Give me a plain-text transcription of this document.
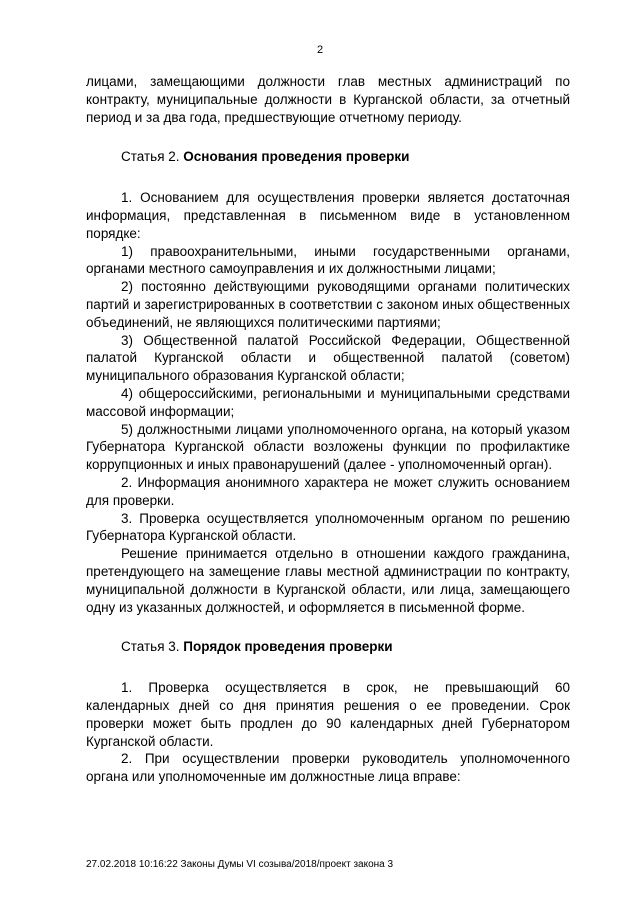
2

лицами, замещающими должности глав местных администраций по контракту, муниципальные должности в Курганской области, за отчетный период и за два года, предшествующие отчетному периоду.

Статья 2. Основания проведения проверки

1. Основанием для осуществления проверки является достаточная информация, представленная в письменном виде в установленном порядке:

1) правоохранительными, иными государственными органами, органами местного самоуправления и их должностными лицами;

2) постоянно действующими руководящими органами политических партий и зарегистрированных в соответствии с законом иных общественных объединений, не являющихся политическими партиями;

3) Общественной палатой Российской Федерации, Общественной палатой Курганской области и общественной палатой (советом) муниципального образования Курганской области;

4) общероссийскими, региональными и муниципальными средствами массовой информации;

5) должностными лицами уполномоченного органа, на который указом Губернатора Курганской области возложены функции по профилактике коррупционных и иных правонарушений (далее - уполномоченный орган).

2. Информация анонимного характера не может служить основанием для проверки.

3. Проверка осуществляется уполномоченным органом по решению Губернатора Курганской области.

Решение принимается отдельно в отношении каждого гражданина, претендующего на замещение главы местной администрации по контракту, муниципальной должности в Курганской области, или лица, замещающего одну из указанных должностей, и оформляется в письменной форме.

Статья 3. Порядок проведения проверки

1. Проверка осуществляется в срок, не превышающий 60 календарных дней со дня принятия решения о ее проведении. Срок проверки может быть продлен до 90 календарных дней Губернатором Курганской области.

2. При осуществлении проверки руководитель уполномоченного органа или уполномоченные им должностные лица вправе:

27.02.2018 10:16:22 Законы Думы VI созыва/2018/проект закона 3
